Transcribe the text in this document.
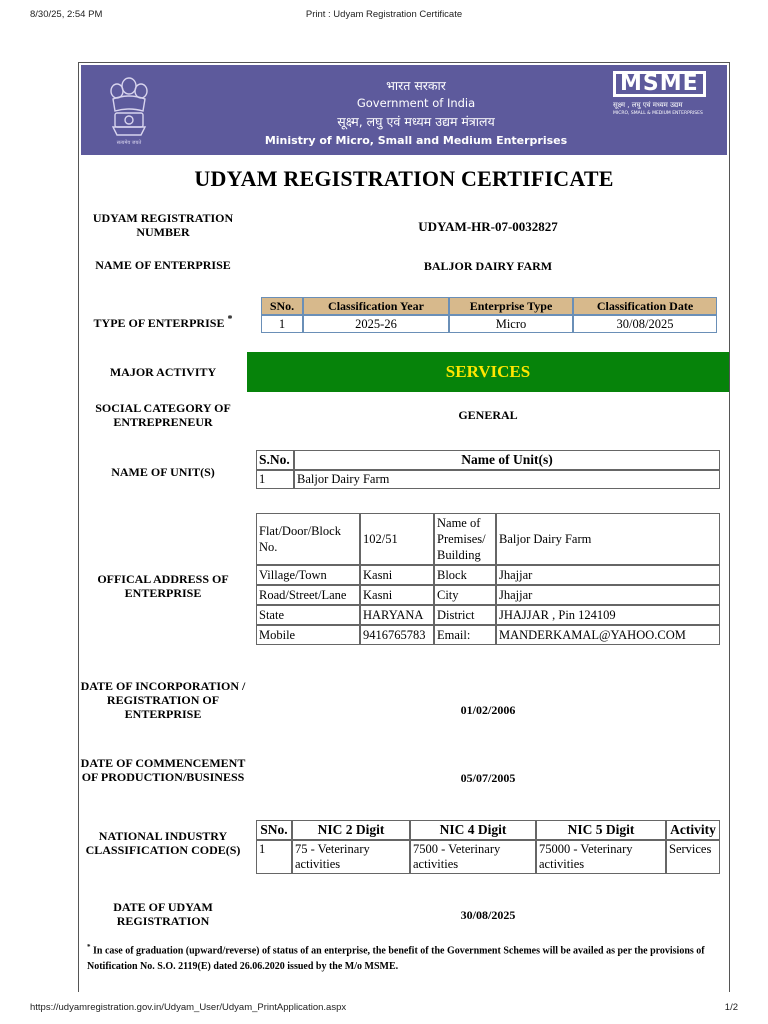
8/30/25, 2:54 PM	Print : Udyam Registration Certificate
सत्यमेव जयते
भारत सरकार
Government of India
सूक्ष्म, लघु एवं मध्यम उद्यम मंत्रालय
Ministry of Micro, Small and Medium Enterprises
MSME
सूक्ष्म , लघु एवं मध्यम उद्यम
MICRO, SMALL & MEDIUM ENTERPRISES
UDYAM REGISTRATION CERTIFICATE
UDYAM REGISTRATION NUMBER	UDYAM-HR-07-0032827
NAME OF ENTERPRISE	BALJOR DAIRY FARM
TYPE OF ENTERPRISE *
SNo.	Classification Year	Enterprise Type	Classification Date
1	2025-26	Micro	30/08/2025
MAJOR ACTIVITY	SERVICES
SOCIAL CATEGORY OF ENTREPRENEUR	GENERAL
NAME OF UNIT(S)
S.No.	Name of Unit(s)
1	Baljor Dairy Farm
OFFICAL ADDRESS OF ENTERPRISE
Flat/Door/Block No.	102/51	Name of Premises/ Building	Baljor Dairy Farm
Village/Town	Kasni	Block	Jhajjar
Road/Street/Lane	Kasni	City	Jhajjar
State	HARYANA	District	JHAJJAR , Pin 124109
Mobile	9416765783	Email:	MANDERKAMAL@YAHOO.COM
DATE OF INCORPORATION / REGISTRATION OF ENTERPRISE	01/02/2006
DATE OF COMMENCEMENT OF PRODUCTION/BUSINESS	05/07/2005
NATIONAL INDUSTRY CLASSIFICATION CODE(S)
SNo.	NIC 2 Digit	NIC 4 Digit	NIC 5 Digit	Activity
1	75 - Veterinary activities	7500 - Veterinary activities	75000 - Veterinary activities	Services
DATE OF UDYAM REGISTRATION	30/08/2025
* In case of graduation (upward/reverse) of status of an enterprise, the benefit of the Government Schemes will be availed as per the provisions of Notification No. S.O. 2119(E) dated 26.06.2020 issued by the M/o MSME.
https://udyamregistration.gov.in/Udyam_User/Udyam_PrintApplication.aspx	1/2
